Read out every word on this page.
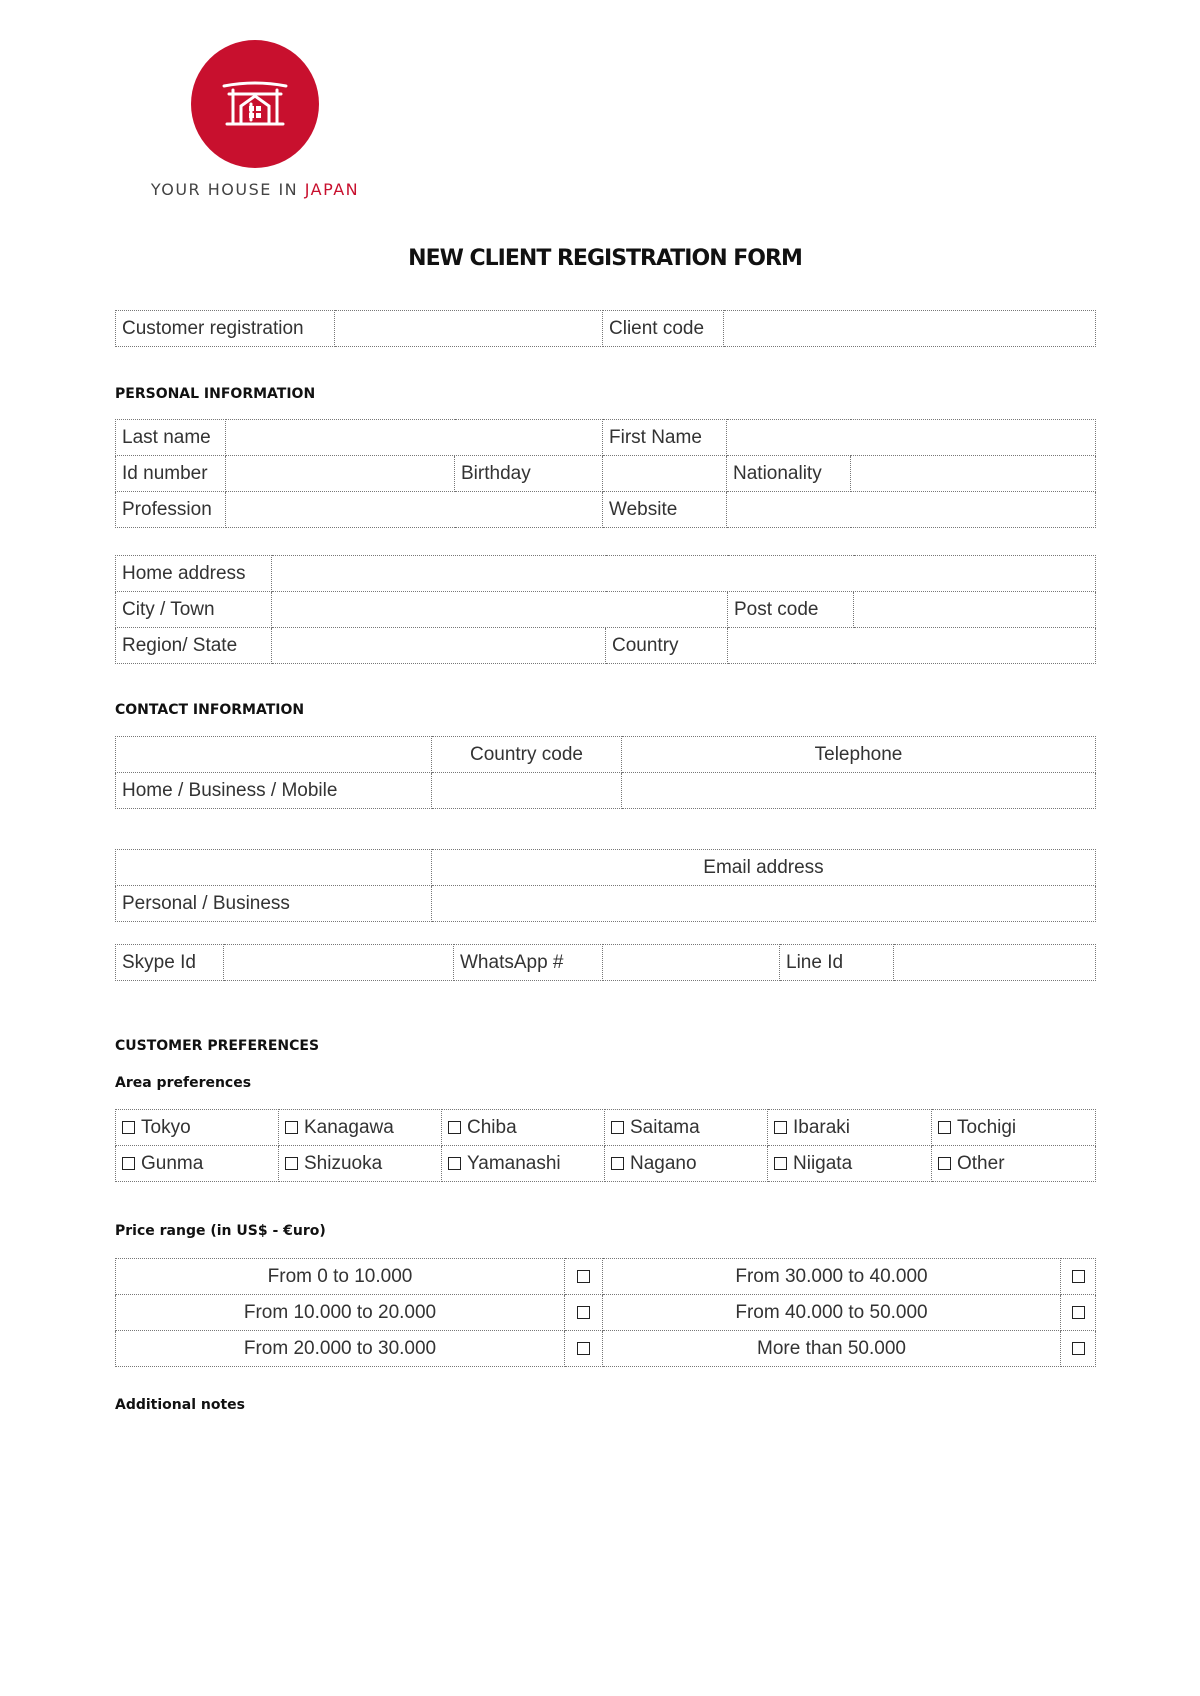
YOUR HOUSE IN JAPAN
NEW CLIENT REGISTRATION FORM
Customer registration		Client code	
PERSONAL INFORMATION
Last name			First Name		
Id number		Birthday		Nationality	
Profession			Website		
Home address				
City / Town			Post code	
Region/ State		Country		
CONTACT INFORMATION
	Country code	Telephone
Home / Business / Mobile		
	Email address
Personal / Business	
Skype Id		WhatsApp #		Line Id	
CUSTOMER PREFERENCES
Area preferences
Tokyo	Kanagawa	Chiba	Saitama	Ibaraki	Tochigi
Gunma	Shizuoka	Yamanashi	Nagano	Niigata	Other
Price range (in US$ - €uro)
From 0 to 10.000		From 30.000 to 40.000	
From 10.000 to 20.000		From 40.000 to 50.000	
From 20.000 to 30.000		More than 50.000	
Additional notes
